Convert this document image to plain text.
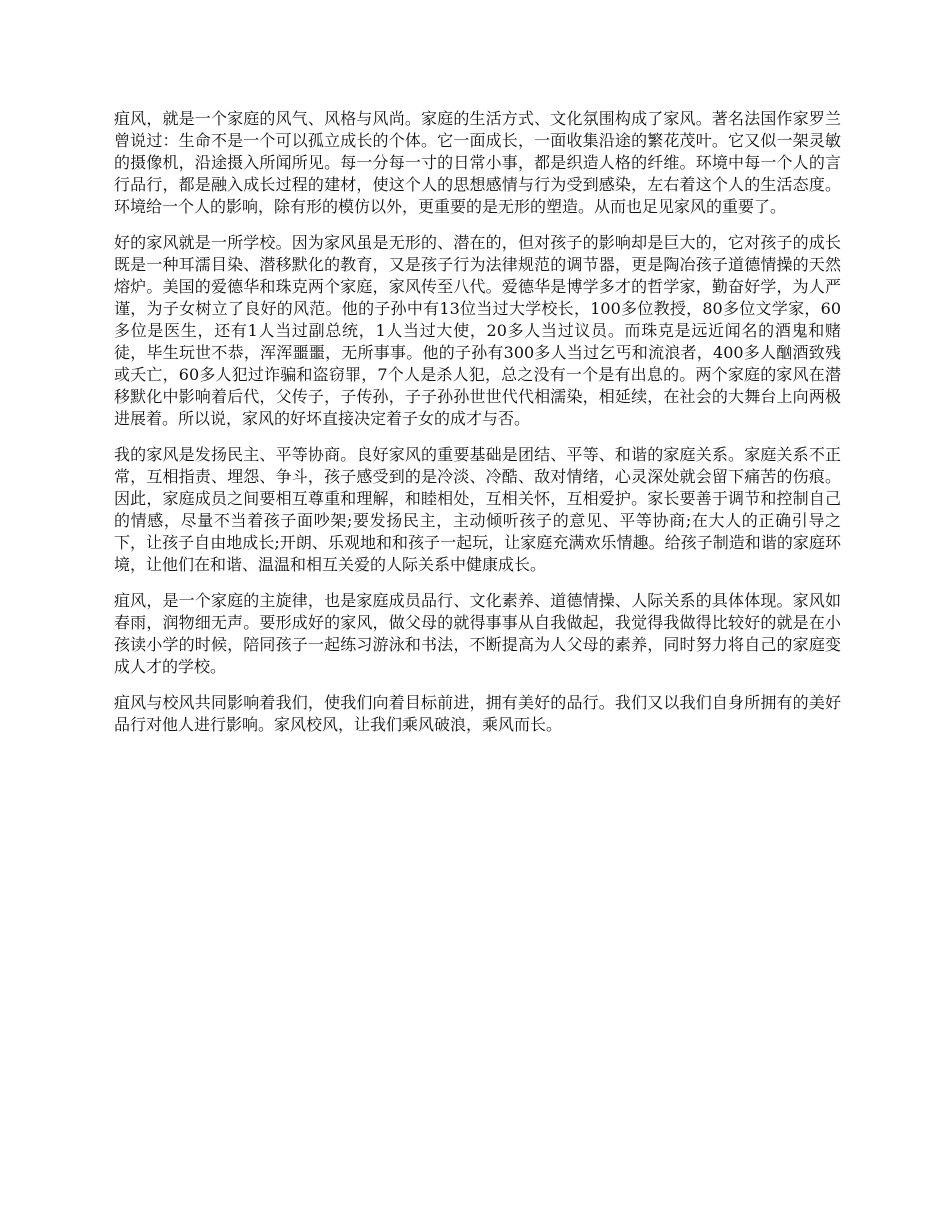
疽风，就是一个家庭的风气、风格与风尚。家庭的生活方式、文化氛围构成了家风。著名法国作家罗兰曾说过：生命不是一个可以孤立成长的个体。它一面成长，一面收集沿途的繁花茂叶。它又似一架灵敏的摄像机，沿途摄入所闻所见。每一分每一寸的日常小事，都是织造人格的纤维。环境中每一个人的言行品行，都是融入成长过程的建材，使这个人的思想感情与行为受到感染，左右着这个人的生活态度。环境给一个人的影响，除有形的模仿以外，更重要的是无形的塑造。从而也足见家风的重要了。

好的家风就是一所学校。因为家风虽是无形的、潜在的，但对孩子的影响却是巨大的，它对孩子的成长既是一种耳濡目染、潜移默化的教育，又是孩子行为法律规范的调节器，更是陶冶孩子道德情操的天然熔炉。美国的爱德华和珠克两个家庭，家风传至八代。爱德华是博学多才的哲学家，勤奋好学，为人严谨，为子女树立了良好的风范。他的子孙中有13位当过大学校长，100多位教授，80多位文学家，60多位是医生，还有1人当过副总统，1人当过大使，20多人当过议员。而珠克是远近闻名的酒鬼和赌徒，毕生玩世不恭，浑浑噩噩，无所事事。他的子孙有300多人当过乞丐和流浪者，400多人酗酒致残或夭亡，60多人犯过诈骗和盗窃罪，7个人是杀人犯，总之没有一个是有出息的。两个家庭的家风在潜移默化中影响着后代，父传子，子传孙，子子孙孙世世代代相濡染，相延续，在社会的大舞台上向两极进展着。所以说，家风的好坏直接决定着子女的成才与否。

我的家风是发扬民主、平等协商。良好家风的重要基础是团结、平等、和谐的家庭关系。家庭关系不正常，互相指责、埋怨、争斗，孩子感受到的是冷淡、冷酷、敌对情绪，心灵深处就会留下痛苦的伤痕。因此，家庭成员之间要相互尊重和理解，和睦相处，互相关怀，互相爱护。家长要善于调节和控制自己的情感，尽量不当着孩子面吵架;要发扬民主，主动倾听孩子的意见、平等协商;在大人的正确引导之下，让孩子自由地成长;开朗、乐观地和和孩子一起玩，让家庭充满欢乐情趣。给孩子制造和谐的家庭环境，让他们在和谐、温温和相互关爱的人际关系中健康成长。

疽风，是一个家庭的主旋律，也是家庭成员品行、文化素养、道德情操、人际关系的具体体现。家风如春雨，润物细无声。要形成好的家风，做父母的就得事事从自我做起，我觉得我做得比较好的就是在小孩读小学的时候，陪同孩子一起练习游泳和书法，不断提高为人父母的素养，同时努力将自己的家庭变成人才的学校。

疽风与校风共同影响着我们，使我们向着目标前进，拥有美好的品行。我们又以我们自身所拥有的美好品行对他人进行影响。家风校风，让我们乘风破浪，乘风而长。
